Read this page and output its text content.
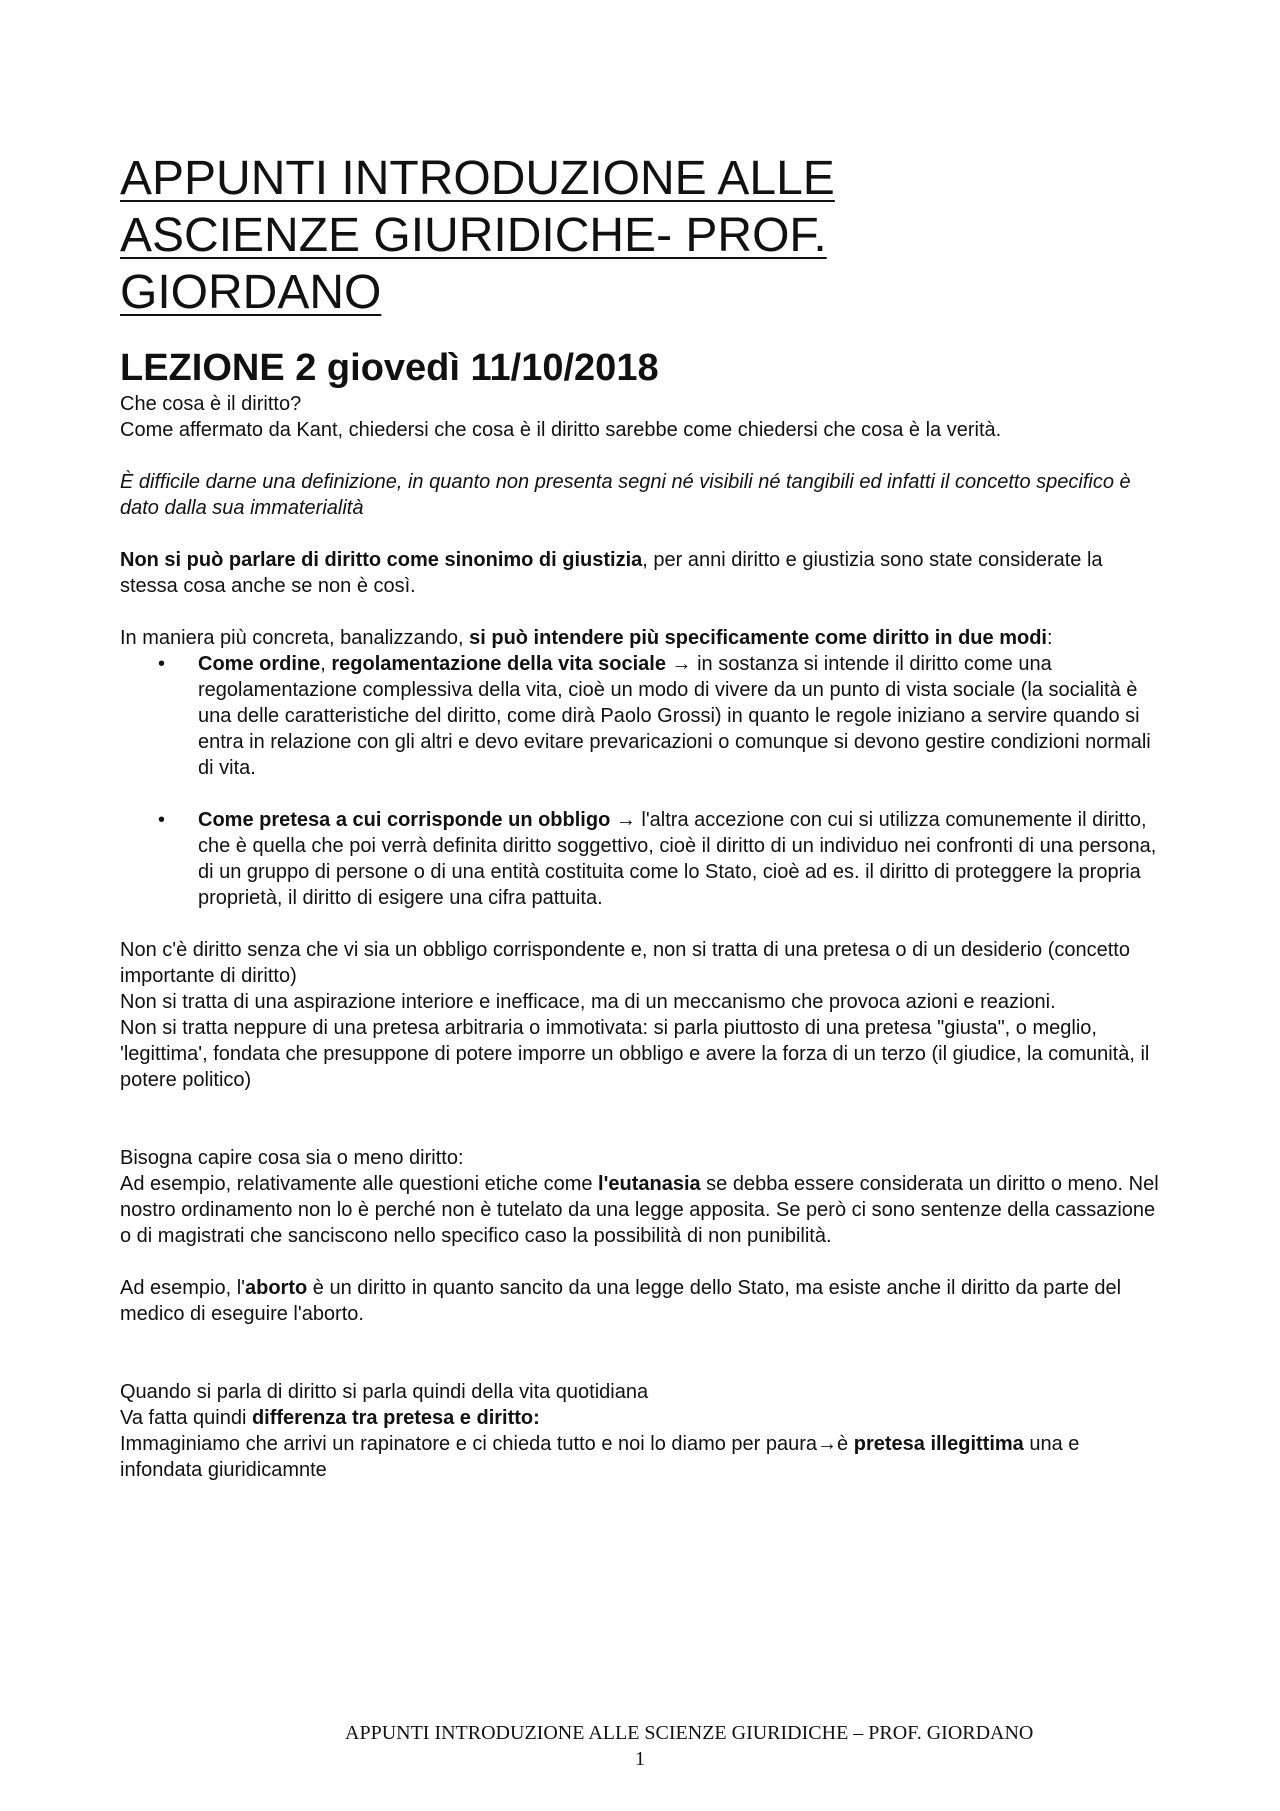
APPUNTI INTRODUZIONE ALLE
ASCIENZE GIURIDICHE- PROF.
GIORDANO
LEZIONE 2 giovedì 11/10/2018

Che cosa è il diritto?

Come affermato da Kant, chiedersi che cosa è il diritto sarebbe come chiedersi che cosa è la verità.

È difficile darne una definizione, in quanto non presenta segni né visibili né tangibili ed infatti il concetto specifico è dato dalla sua immaterialità

Non si può parlare di diritto come sinonimo di giustizia, per anni diritto e giustizia sono state considerate la stessa cosa anche se non è così.

In maniera più concreta, banalizzando, si può intendere più specificamente come diritto in due modi:

• Come ordine, regolamentazione della vita sociale → in sostanza si intende il diritto come una regolamentazione complessiva della vita, cioè un modo di vivere da un punto di vista sociale (la socialità è una delle caratteristiche del diritto, come dirà Paolo Grossi) in quanto le regole iniziano a servire quando si entra in relazione con gli altri e devo evitare prevaricazioni o comunque si devono gestire condizioni normali di vita.
• Come pretesa a cui corrisponde un obbligo → l'altra accezione con cui si utilizza comunemente il diritto, che è quella che poi verrà definita diritto soggettivo, cioè il diritto di un individuo nei confronti di una persona, di un gruppo di persone o di una entità costituita come lo Stato, cioè ad es. il diritto di proteggere la propria proprietà, il diritto di esigere una cifra pattuita.

Non c'è diritto senza che vi sia un obbligo corrispondente e, non si tratta di una pretesa o di un desiderio (concetto importante di diritto)

Non si tratta di una aspirazione interiore e inefficace, ma di un meccanismo che provoca azioni e reazioni.

Non si tratta neppure di una pretesa arbitraria o immotivata: si parla piuttosto di una pretesa "giusta", o meglio, 'legittima', fondata che presuppone di potere imporre un obbligo e avere la forza di un terzo (il giudice, la comunità, il potere politico)

Bisogna capire cosa sia o meno diritto:

Ad esempio, relativamente alle questioni etiche come l'eutanasia se debba essere considerata un diritto o meno. Nel nostro ordinamento non lo è perché non è tutelato da una legge apposita. Se però ci sono sentenze della cassazione o di magistrati che sanciscono nello specifico caso la possibilità di non punibilità.

Ad esempio, l'aborto è un diritto in quanto sancito da una legge dello Stato, ma esiste anche il diritto da parte del medico di eseguire l'aborto.

Quando si parla di diritto si parla quindi della vita quotidiana

Va fatta quindi differenza tra pretesa e diritto:

Immaginiamo che arrivi un rapinatore e ci chieda tutto e noi lo diamo per paura→è pretesa illegittima una e infondata giuridicamnte

APPUNTI INTRODUZIONE ALLE SCIENZE GIURIDICHE – PROF. GIORDANO
1
